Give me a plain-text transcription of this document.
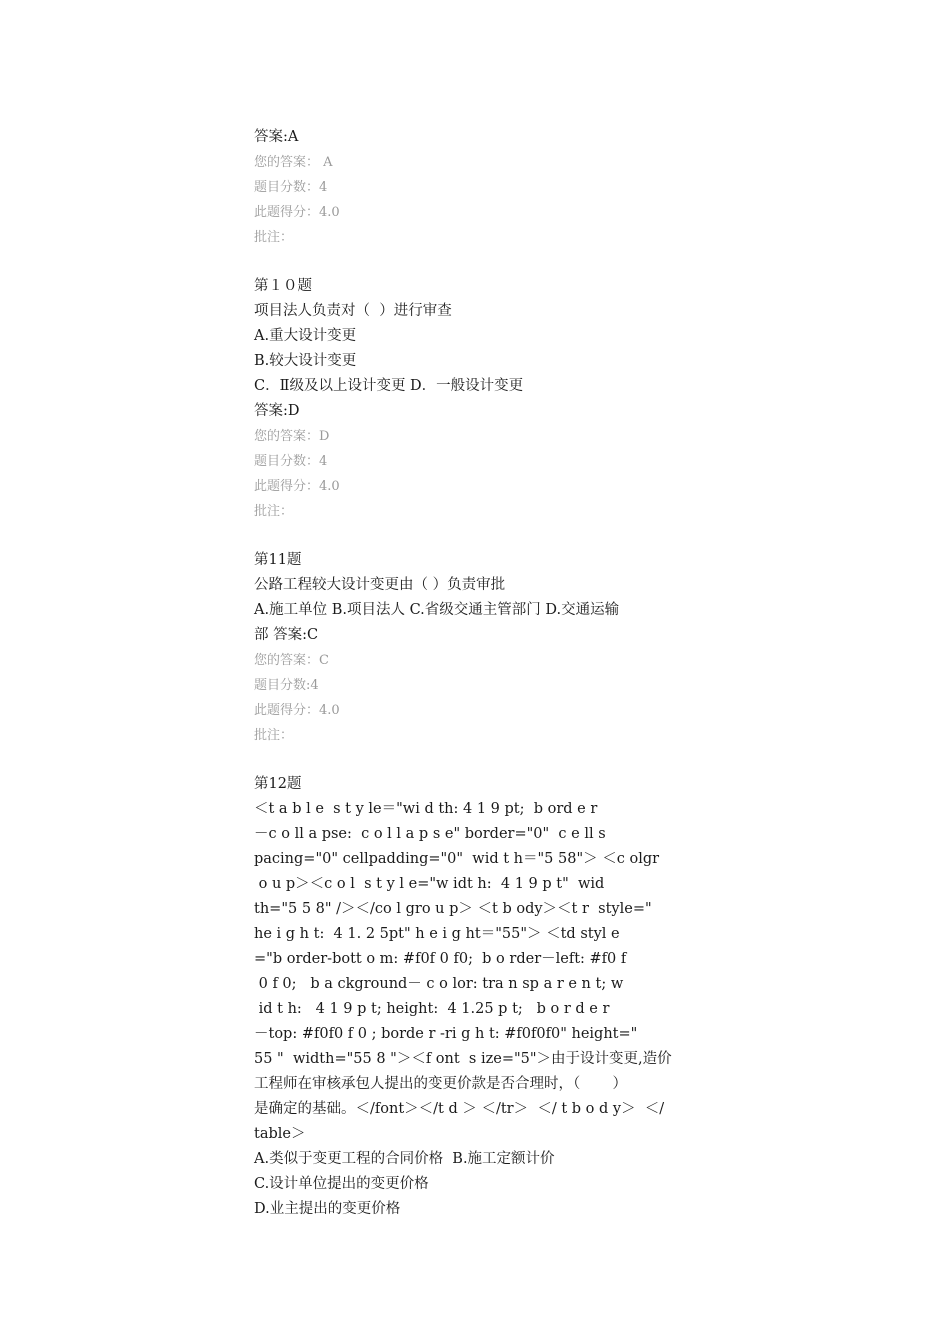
答案:A
您的答案： A
题目分数：4
此题得分：4.0
批注：
第１０题
项目法人负责对（  ）进行审查
A.重大设计变更
B.较大设计变更
C．Ⅱ级及以上设计变更 D．一般设计变更
答案:D
您的答案：D
题目分数：4
此题得分：4.0
批注：
第11题
公路工程较大设计变更由（ ）负责审批
A.施工单位 B.项目法人 C.省级交通主管部门 D.交通运输
部 答案:C
您的答案：C
题目分数:4
此题得分：4.0
批注：
第12题
＜t a b l e  s t y le＝"wi d th: 4 1 9 pt;  b ord e r
－c o ll a pse:  c o l l a p s e" border="0"  c e ll s
pacing="0" cellpadding="0"  wid t h＝"5 58"＞ ＜c olgr
o u p＞＜c o l  s t y l e="w idt h:  4 1 9 p t"  wid
th="5 5 8" /＞＜/co l gro u p＞ ＜t b ody＞＜t r  style="
he i g h t:  4 1. 2 5pt" h e i g ht＝"55"＞ ＜td styl e
="b order-bott o m: #f0f 0 f0;  b o rder－left: #f0 f
0 f 0;   b a ckground－ c o lor: tra n sp a r e n t; w
id t h:   4 1 9 p t; height:  4 1.25 p t;   b o r d e r
－top: #f0f0 f 0 ; borde r -ri g h t: #f0f0f0" height="
55 "  width="55 8 "＞＜f ont  s ize="5"＞由于设计变更,造价
工程师在审核承包人提出的变更价款是否合理时，（       ）
是确定的基础。＜/font＞＜/t d ＞ ＜/tr＞  ＜/ t b o d y＞  ＜/
table＞
A.类似于变更工程的合同价格  B.施工定额计价
C.设计单位提出的变更价格
D.业主提出的变更价格
